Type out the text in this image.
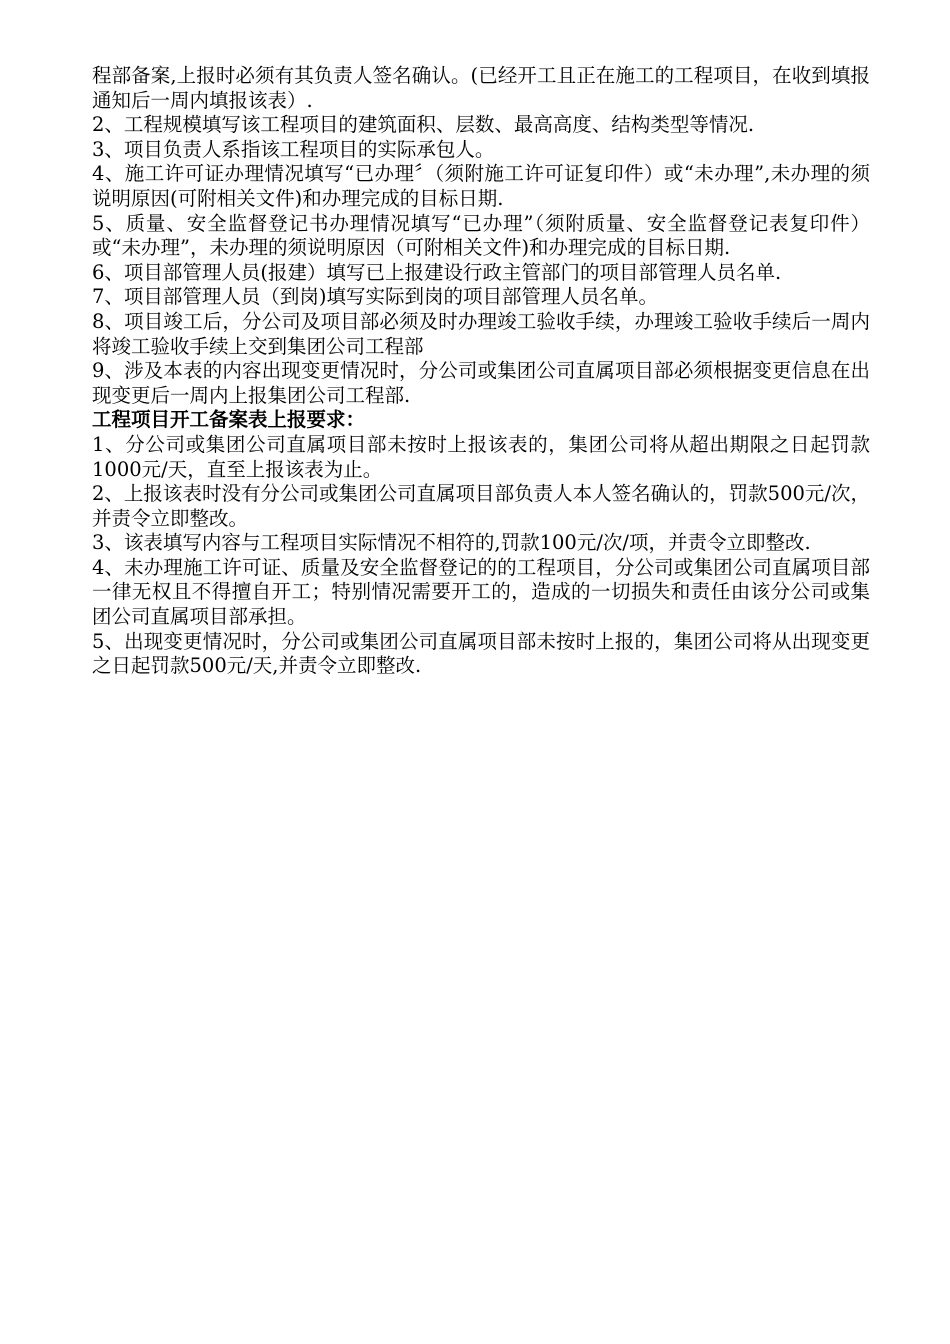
程部备案,上报时必须有其负责人签名确认。(已经开工且正在施工的工程项目，在收到填报通知后一周内填报该表）.

2、工程规模填写该工程项目的建筑面积、层数、最高高度、结构类型等情况.

3、项目负责人系指该工程项目的实际承包人。

4、施工许可证办理情况填写“已办理〞（须附施工许可证复印件）或“未办理”,未办理的须说明原因(可附相关文件)和办理完成的目标日期.

5、质量、安全监督登记书办理情况填写“已办理”（须附质量、安全监督登记表复印件）或“未办理”，未办理的须说明原因（可附相关文件)和办理完成的目标日期.

6、项目部管理人员(报建）填写已上报建设行政主管部门的项目部管理人员名单.

7、项目部管理人员（到岗)填写实际到岗的项目部管理人员名单。

8、项目竣工后，分公司及项目部必须及时办理竣工验收手续，办理竣工验收手续后一周内将竣工验收手续上交到集团公司工程部

9、涉及本表的内容出现变更情况时，分公司或集团公司直属项目部必须根据变更信息在出现变更后一周内上报集团公司工程部.

工程项目开工备案表上报要求：

1、分公司或集团公司直属项目部未按时上报该表的，集团公司将从超出期限之日起罚款1000元/天，直至上报该表为止。

2、上报该表时没有分公司或集团公司直属项目部负责人本人签名确认的，罚款500元/次，并责令立即整改。

3、该表填写内容与工程项目实际情况不相符的,罚款100元/次/项，并责令立即整改.

4、未办理施工许可证、质量及安全监督登记的的工程项目，分公司或集团公司直属项目部一律无权且不得擅自开工；特别情况需要开工的，造成的一切损失和责任由该分公司或集团公司直属项目部承担。

5、出现变更情况时，分公司或集团公司直属项目部未按时上报的，集团公司将从出现变更之日起罚款500元/天,并责令立即整改.
